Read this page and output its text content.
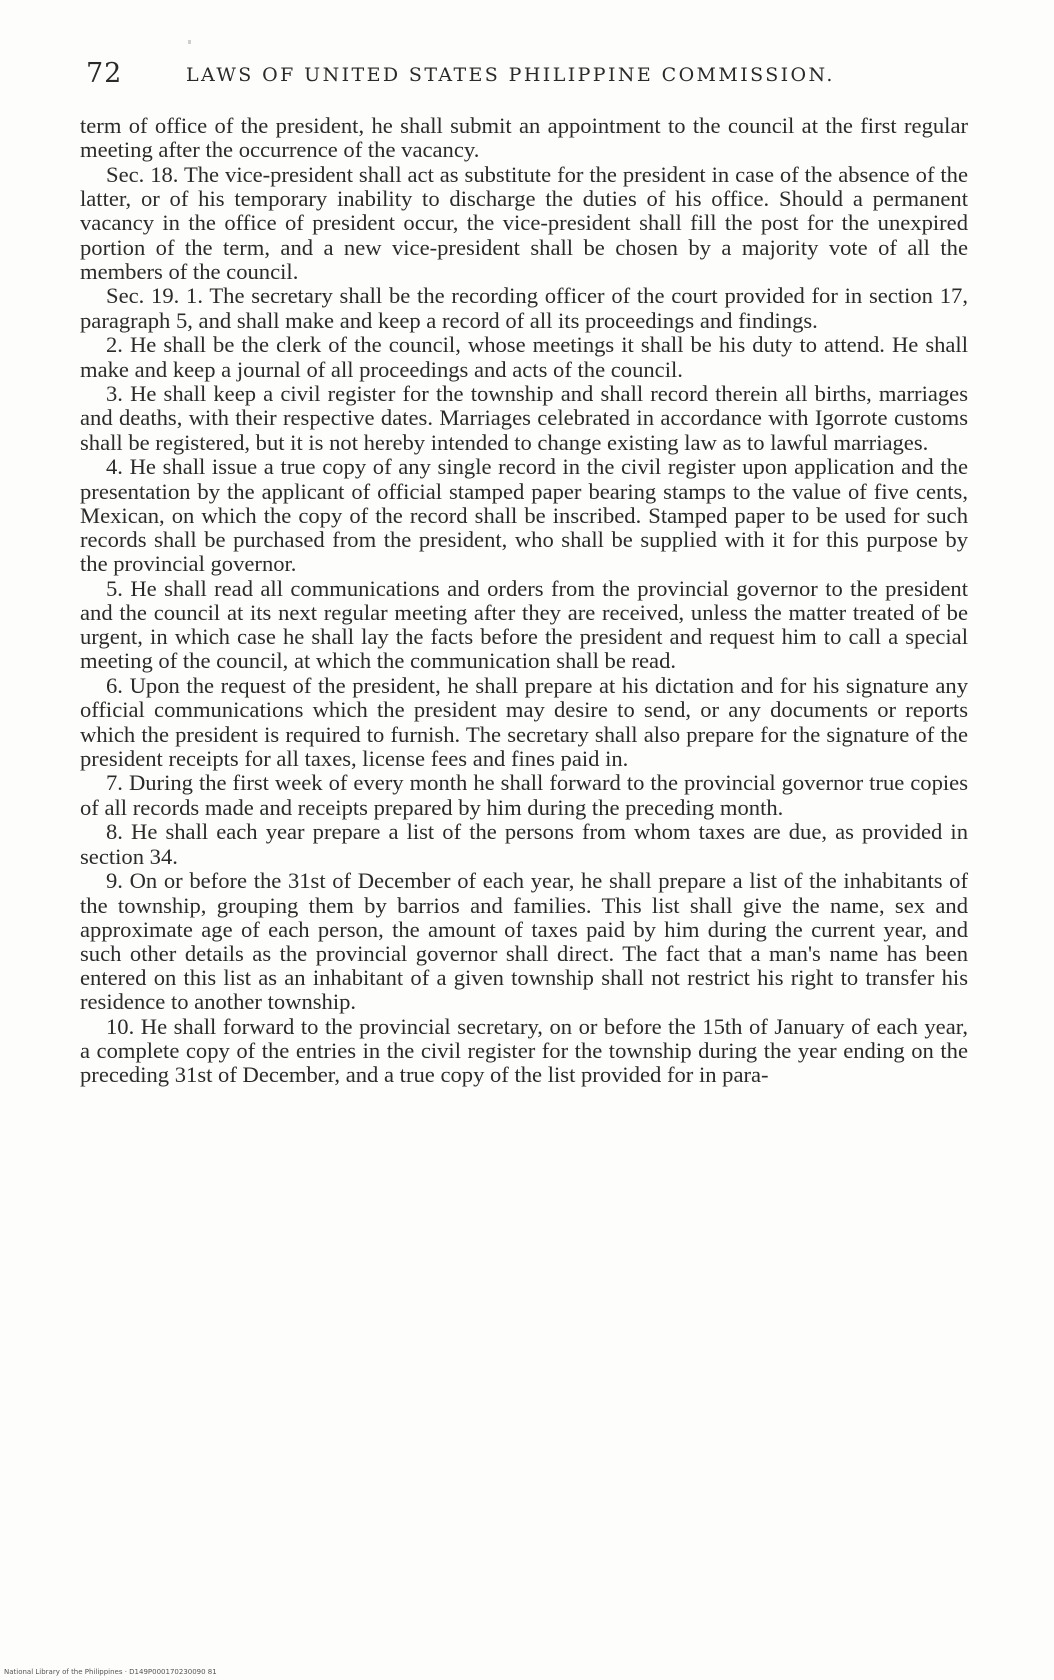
72	LAWS OF UNITED STATES PHILIPPINE COMMISSION.

term of office of the president, he shall submit an appointment to the council at the first regular meeting after the occurrence of the vacancy.

Sec. 18. The vice-president shall act as substitute for the president in case of the absence of the latter, or of his temporary inability to discharge the duties of his office. Should a permanent vacancy in the office of president occur, the vice-president shall fill the post for the unexpired portion of the term, and a new vice-president shall be chosen by a majority vote of all the members of the council.

Sec. 19. 1. The secretary shall be the recording officer of the court provided for in section 17, paragraph 5, and shall make and keep a record of all its proceedings and findings.

2. He shall be the clerk of the council, whose meetings it shall be his duty to attend. He shall make and keep a journal of all proceedings and acts of the council.

3. He shall keep a civil register for the township and shall record therein all births, marriages and deaths, with their respective dates. Marriages celebrated in accordance with Igorrote customs shall be registered, but it is not hereby intended to change existing law as to lawful marriages.

4. He shall issue a true copy of any single record in the civil register upon application and the presentation by the applicant of official stamped paper bearing stamps to the value of five cents, Mexican, on which the copy of the record shall be inscribed. Stamped paper to be used for such records shall be purchased from the president, who shall be supplied with it for this purpose by the provincial governor.

5. He shall read all communications and orders from the provincial governor to the president and the council at its next regular meeting after they are received, unless the matter treated of be urgent, in which case he shall lay the facts before the president and request him to call a special meeting of the council, at which the communication shall be read.

6. Upon the request of the president, he shall prepare at his dictation and for his signature any official communications which the president may desire to send, or any documents or reports which the president is required to furnish. The secretary shall also prepare for the signature of the president receipts for all taxes, license fees and fines paid in.

7. During the first week of every month he shall forward to the provincial governor true copies of all records made and receipts prepared by him during the preceding month.

8. He shall each year prepare a list of the persons from whom taxes are due, as provided in section 34.

9. On or before the 31st of December of each year, he shall prepare a list of the inhabitants of the township, grouping them by barrios and families. This list shall give the name, sex and approximate age of each person, the amount of taxes paid by him during the current year, and such other details as the provincial governor shall direct. The fact that a man's name has been entered on this list as an inhabitant of a given township shall not restrict his right to transfer his residence to another township.

10. He shall forward to the provincial secretary, on or before the 15th of January of each year, a complete copy of the entries in the civil register for the township during the year ending on the preceding 31st of December, and a true copy of the list provided for in para-

National Library of the Philippines · D149P000170230090 81
